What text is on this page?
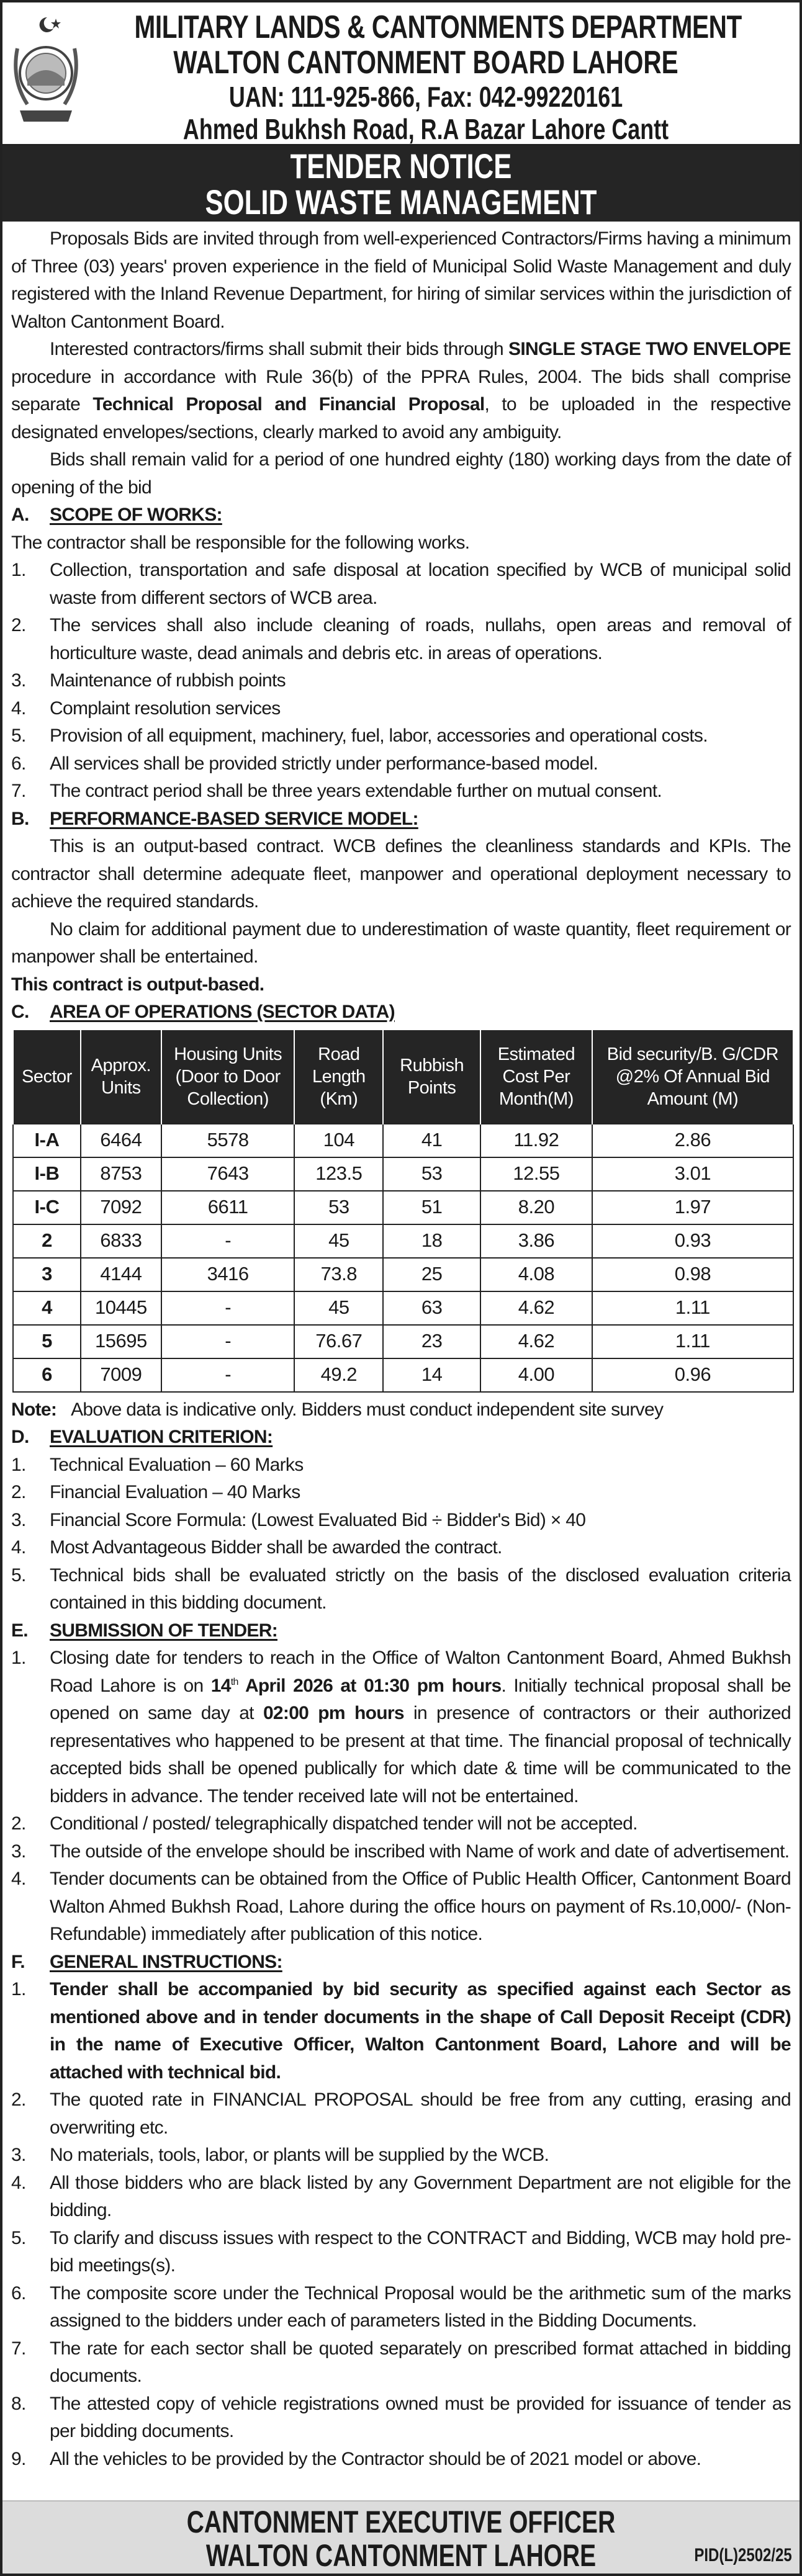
MILITARY LANDS & CANTONMENTS DEPARTMENT
WALTON CANTONMENT BOARD LAHORE
UAN: 111-925-866, Fax: 042-99220161
Ahmed Bukhsh Road, R.A Bazar Lahore Cantt
TENDER NOTICE
SOLID WASTE MANAGEMENT
Proposals Bids are invited through from well-experienced Contractors/Firms having a minimum of Three (03) years' proven experience in the field of Municipal Solid Waste Management and duly registered with the Inland Revenue Department, for hiring of similar services within the jurisdiction of Walton Cantonment Board.
Interested contractors/firms shall submit their bids through SINGLE STAGE TWO ENVELOPE procedure in accordance with Rule 36(b) of the PPRA Rules, 2004. The bids shall comprise separate Technical Proposal and Financial Proposal, to be uploaded in the respective designated envelopes/sections, clearly marked to avoid any ambiguity.
Bids shall remain valid for a period of one hundred eighty (180) working days from the date of opening of the bid
A.	SCOPE OF WORKS:
The contractor shall be responsible for the following works.
1.	Collection, transportation and safe disposal at location specified by WCB of municipal solid waste from different sectors of WCB area.
2.	The services shall also include cleaning of roads, nullahs, open areas and removal of horticulture waste, dead animals and debris etc. in areas of operations.
3.	Maintenance of rubbish points
4.	Complaint resolution services
5.	Provision of all equipment, machinery, fuel, labor, accessories and operational costs.
6.	All services shall be provided strictly under performance-based model.
7.	The contract period shall be three years extendable further on mutual consent.
B.	PERFORMANCE-BASED SERVICE MODEL:
This is an output-based contract. WCB defines the cleanliness standards and KPIs. The contractor shall determine adequate fleet, manpower and operational deployment necessary to achieve the required standards.
No claim for additional payment due to underestimation of waste quantity, fleet requirement or manpower shall be entertained.
This contract is output-based.
C.	AREA OF OPERATIONS (SECTOR DATA)
Sector	Approx. Units	Housing Units (Door to Door Collection)	Road Length (Km)	Rubbish Points	Estimated Cost Per Month(M)	Bid security/B. G/CDR @2% Of Annual Bid Amount (M)
I-A	6464	5578	104	41	11.92	2.86
I-B	8753	7643	123.5	53	12.55	3.01
I-C	7092	6611	53	51	8.20	1.97
2	6833	-	45	18	3.86	0.93
3	4144	3416	73.8	25	4.08	0.98
4	10445	-	45	63	4.62	1.11
5	15695	-	76.67	23	4.62	1.11
6	7009	-	49.2	14	4.00	0.96
Note: Above data is indicative only. Bidders must conduct independent site survey
D.	EVALUATION CRITERION:
1.	Technical Evaluation – 60 Marks
2.	Financial Evaluation – 40 Marks
3.	Financial Score Formula: (Lowest Evaluated Bid ÷ Bidder's Bid) × 40
4.	Most Advantageous Bidder shall be awarded the contract.
5.	Technical bids shall be evaluated strictly on the basis of the disclosed evaluation criteria contained in this bidding document.
E.	SUBMISSION OF TENDER:
1.	Closing date for tenders to reach in the Office of Walton Cantonment Board, Ahmed Bukhsh Road Lahore is on 14th April 2026 at 01:30 pm hours. Initially technical proposal shall be opened on same day at 02:00 pm hours in presence of contractors or their authorized representatives who happened to be present at that time. The financial proposal of technically accepted bids shall be opened publically for which date & time will be communicated to the bidders in advance. The tender received late will not be entertained.
2.	Conditional / posted/ telegraphically dispatched tender will not be accepted.
3.	The outside of the envelope should be inscribed with Name of work and date of advertisement.
4.	Tender documents can be obtained from the Office of Public Health Officer, Cantonment Board Walton Ahmed Bukhsh Road, Lahore during the office hours on payment of Rs.10,000/- (Non-Refundable) immediately after publication of this notice.
F.	GENERAL INSTRUCTIONS:
1.	Tender shall be accompanied by bid security as specified against each Sector as mentioned above and in tender documents in the shape of Call Deposit Receipt (CDR) in the name of Executive Officer, Walton Cantonment Board, Lahore and will be attached with technical bid.
2.	The quoted rate in FINANCIAL PROPOSAL should be free from any cutting, erasing and overwriting etc.
3.	No materials, tools, labor, or plants will be supplied by the WCB.
4.	All those bidders who are black listed by any Government Department are not eligible for the bidding.
5.	To clarify and discuss issues with respect to the CONTRACT and Bidding, WCB may hold pre-bid meetings(s).
6.	The composite score under the Technical Proposal would be the arithmetic sum of the marks assigned to the bidders under each of parameters listed in the Bidding Documents.
7.	The rate for each sector shall be quoted separately on prescribed format attached in bidding documents.
8.	The attested copy of vehicle registrations owned must be provided for issuance of tender as per bidding documents.
9.	All the vehicles to be provided by the Contractor should be of 2021 model or above.
CANTONMENT EXECUTIVE OFFICER
WALTON CANTONMENT LAHORE	PID(L)2502/25
